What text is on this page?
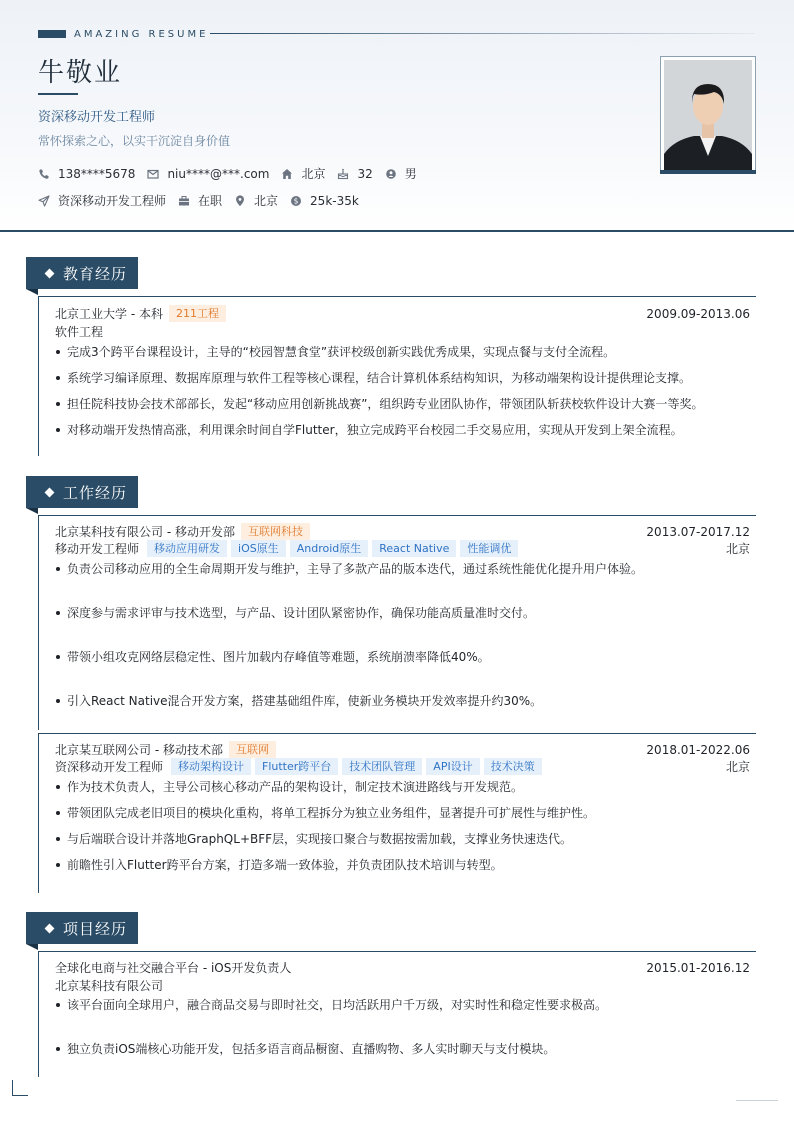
AMAZING RESUME
牛敬业
资深移动开发工程师
常怀探索之心，以实干沉淀自身价值
138****5678	niu****@***.com	北京	32	男
资深移动开发工程师	在职	北京 $ 25k-35k
教育经历
北京工业大学 - 本科	211工程	2009.09-2013.06
软件工程
完成3个跨平台课程设计，主导的“校园智慧食堂”获评校级创新实践优秀成果，实现点餐与支付全流程。
系统学习编译原理、数据库原理与软件工程等核心课程，结合计算机体系结构知识，为移动端架构设计提供理论支撑。
担任院科技协会技术部部长，发起“移动应用创新挑战赛”，组织跨专业团队协作，带领团队斩获校软件设计大赛一等奖。
对移动端开发热情高涨，利用课余时间自学Flutter，独立完成跨平台校园二手交易应用，实现从开发到上架全流程。
工作经历
北京某科技有限公司 - 移动开发部	互联网科技	2013.07-2017.12
移动开发工程师	移动应用研发	iOS原生	Android原生	React Native	性能调优	北京
负责公司移动应用的全生命周期开发与维护，主导了多款产品的版本迭代，通过系统性能优化提升用户体验。
深度参与需求评审与技术选型，与产品、设计团队紧密协作，确保功能高质量准时交付。
带领小组攻克网络层稳定性、图片加载内存峰值等难题，系统崩溃率降低40%。
引入React Native混合开发方案，搭建基础组件库，使新业务模块开发效率提升约30%。
北京某互联网公司 - 移动技术部	互联网	2018.01-2022.06
资深移动开发工程师	移动架构设计	Flutter跨平台	技术团队管理	API设计	技术决策	北京
作为技术负责人，主导公司核心移动产品的架构设计，制定技术演进路线与开发规范。
带领团队完成老旧项目的模块化重构，将单工程拆分为独立业务组件，显著提升可扩展性与维护性。
与后端联合设计并落地GraphQL+BFF层，实现接口聚合与数据按需加载，支撑业务快速迭代。
前瞻性引入Flutter跨平台方案，打造多端一致体验，并负责团队技术培训与转型。
项目经历
全球化电商与社交融合平台 - iOS开发负责人	2015.01-2016.12
北京某科技有限公司
该平台面向全球用户，融合商品交易与即时社交，日均活跃用户千万级，对实时性和稳定性要求极高。
独立负责iOS端核心功能开发，包括多语言商品橱窗、直播购物、多人实时聊天与支付模块。
